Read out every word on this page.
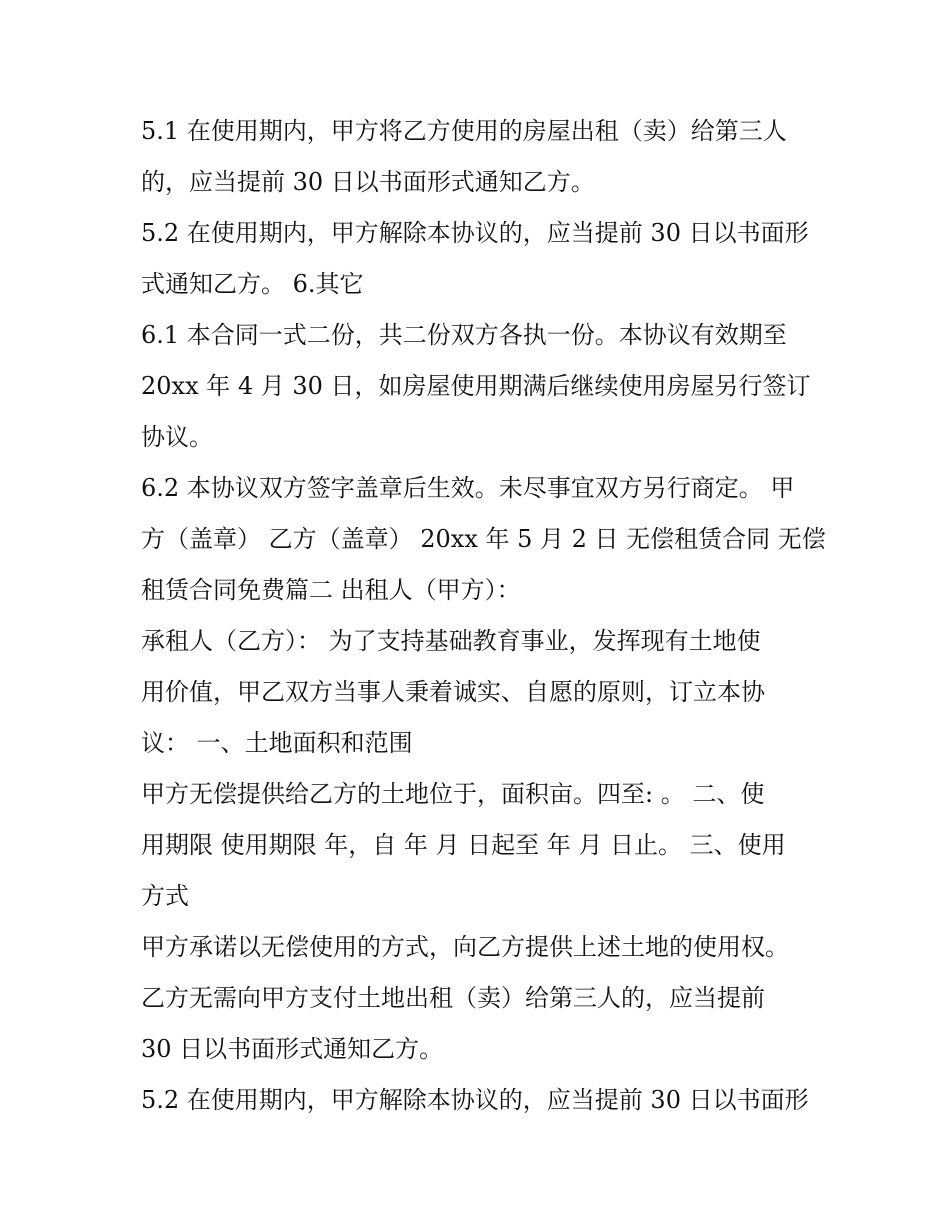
5.1 在使用期内，甲方将乙方使用的房屋出租（卖）给第三人
的，应当提前 30 日以书面形式通知乙方。
5.2 在使用期内，甲方解除本协议的，应当提前 30 日以书面形
式通知乙方。 6.其它
6.1 本合同一式二份，共二份双方各执一份。本协议有效期至
20xx 年 4 月 30 日，如房屋使用期满后继续使用房屋另行签订
协议。
6.2 本协议双方签字盖章后生效。未尽事宜双方另行商定。 甲
方（盖章） 乙方（盖章） 20xx 年 5 月 2 日 无偿租赁合同 无偿
租赁合同免费篇二 出租人（甲方）：
承租人（乙方）： 为了支持基础教育事业，发挥现有土地使
用价值，甲乙双方当事人秉着诚实、自愿的原则，订立本协
议： 一、土地面积和范围
甲方无偿提供给乙方的土地位于，面积亩。四至: 。 二、使
用期限 使用期限 年，自 年 月 日起至 年 月 日止。 三、使用
方式
甲方承诺以无偿使用的方式，向乙方提供上述土地的使用权。
乙方无需向甲方支付土地出租（卖）给第三人的，应当提前
30 日以书面形式通知乙方。
5.2 在使用期内，甲方解除本协议的，应当提前 30 日以书面形
